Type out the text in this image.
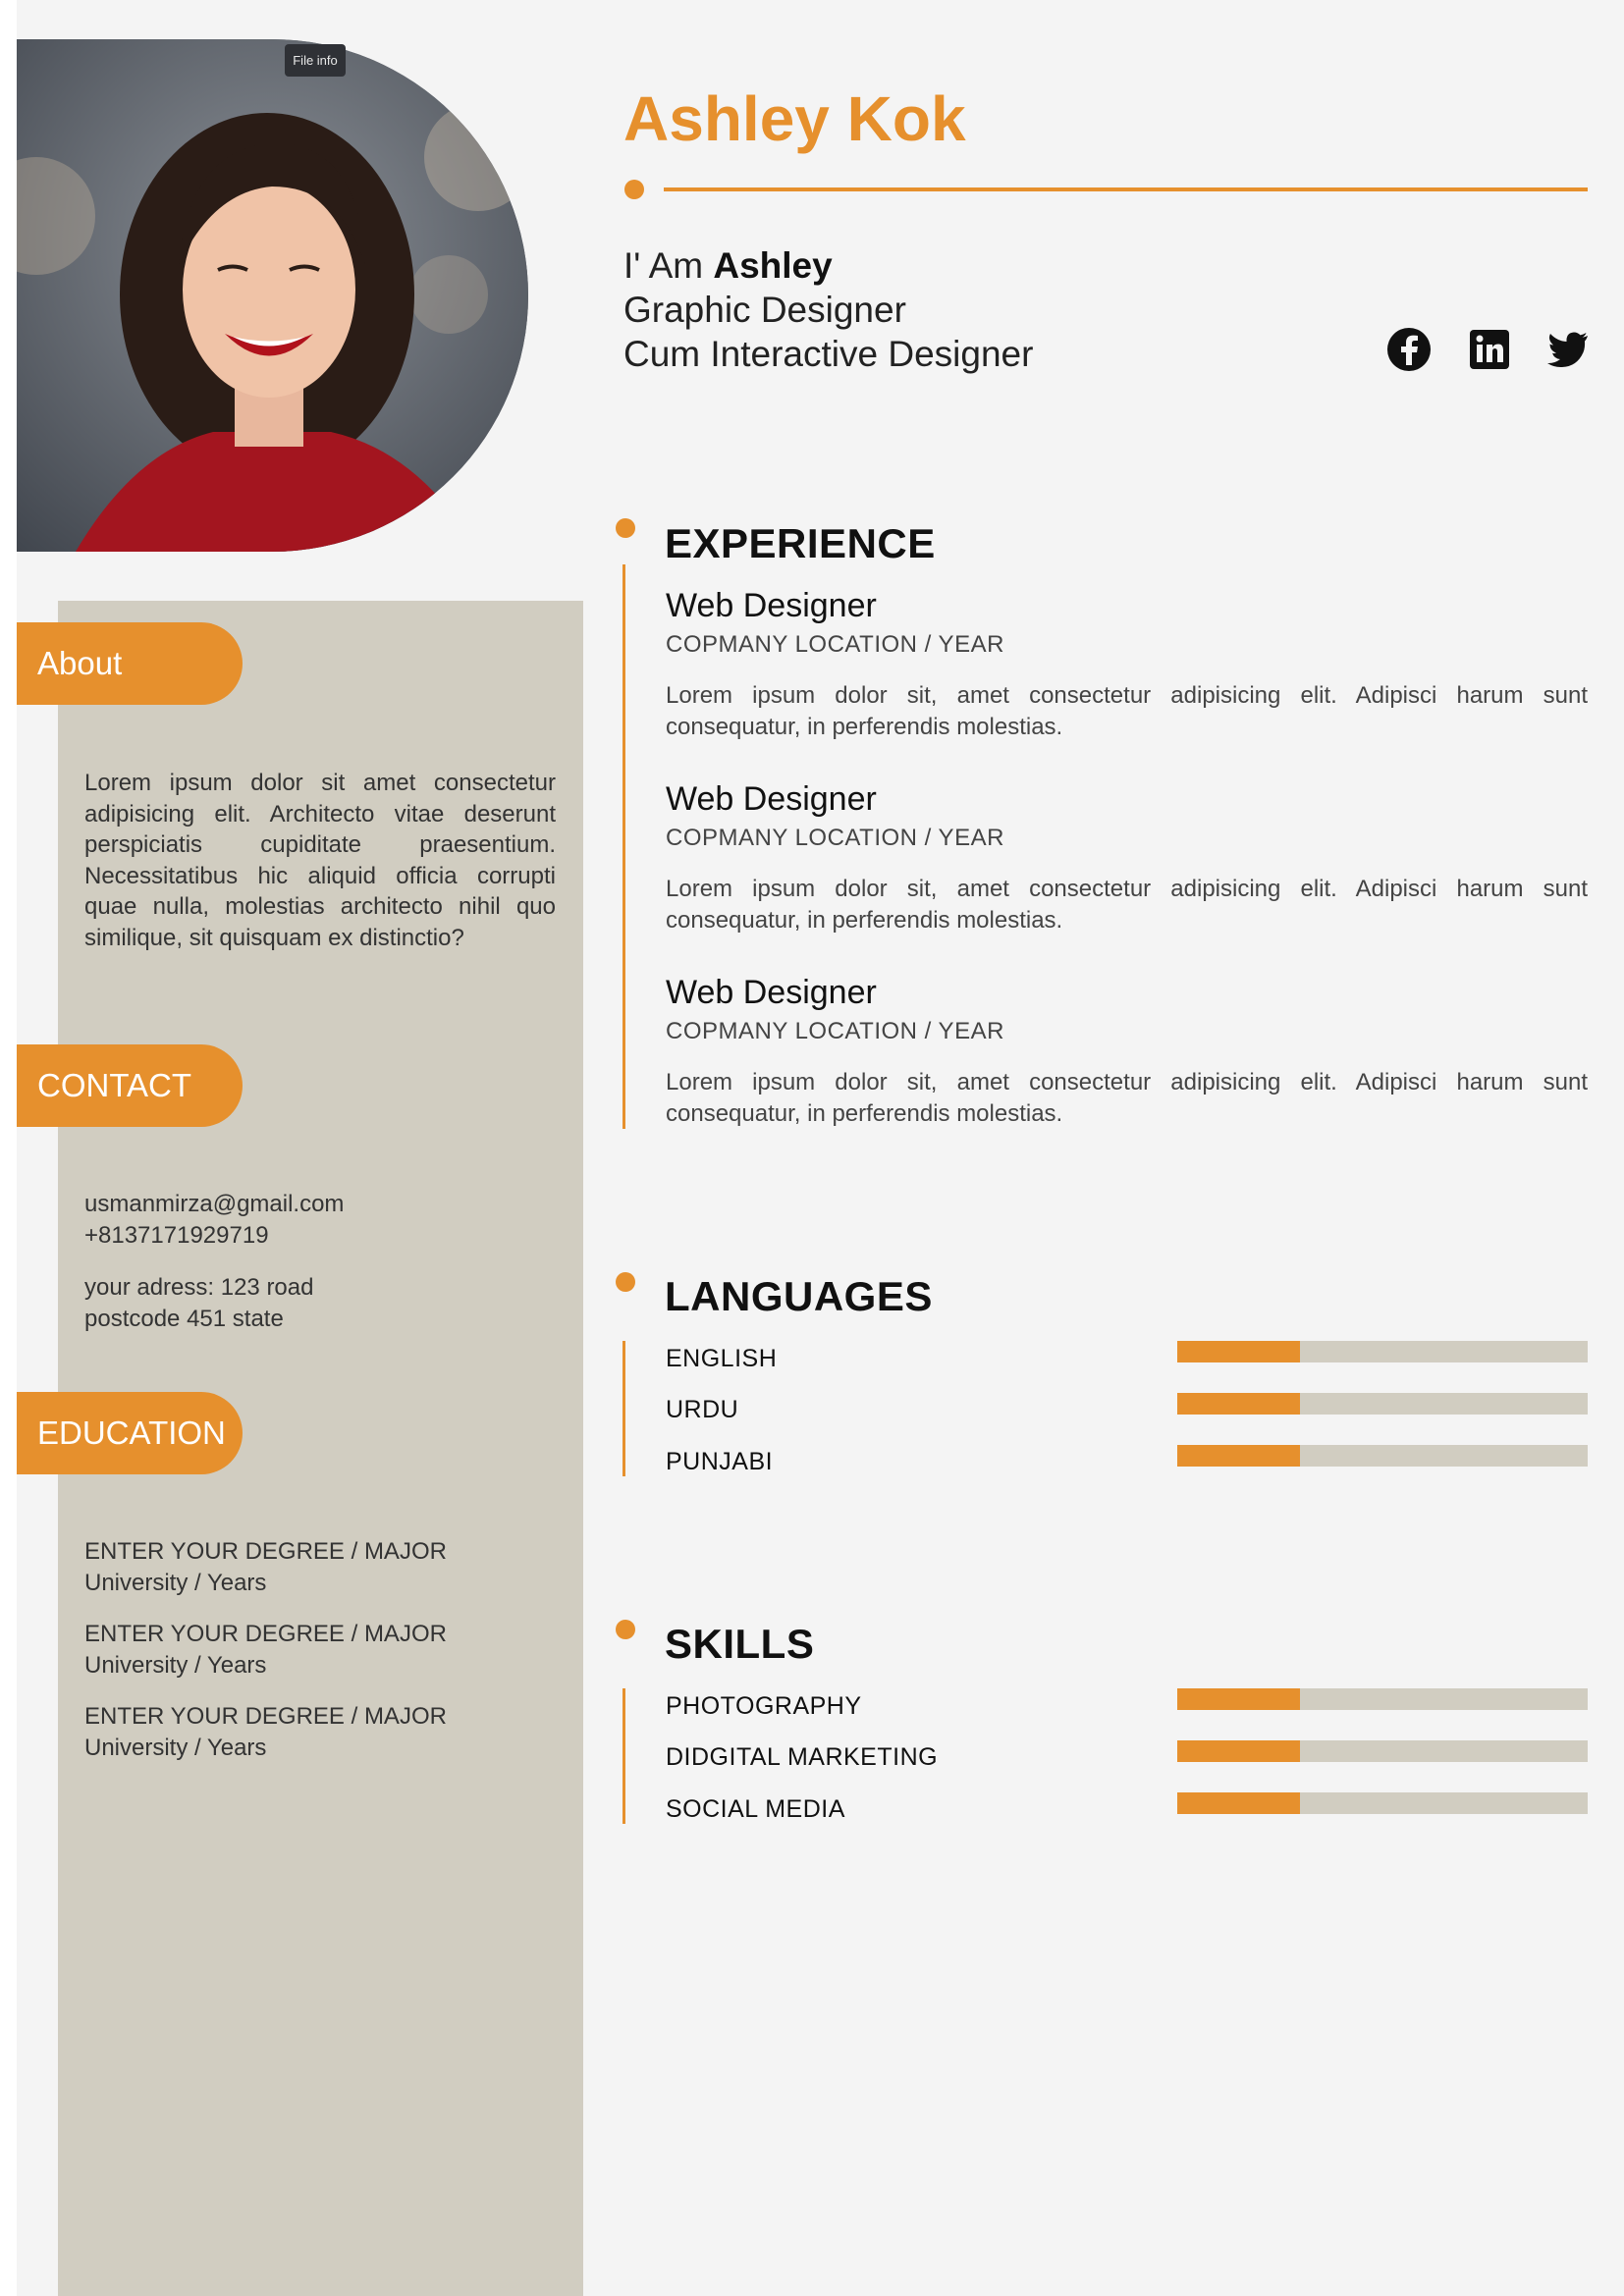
File info
About
Lorem ipsum dolor sit amet consectetur adipisicing elit. Architecto vitae deserunt perspiciatis cupiditate praesentium. Necessitatibus hic aliquid officia corrupti quae nulla, molestias architecto nihil quo similique, sit quisquam ex distinctio?
CONTACT
usmanmirza@gmail.com
+8137171929719
your adress: 123 road
postcode 451 state
EDUCATION
ENTER YOUR DEGREE / MAJOR
University / Years
ENTER YOUR DEGREE / MAJOR
University / Years
ENTER YOUR DEGREE / MAJOR
University / Years
Ashley Kok
I' Am Ashley
Graphic Designer
Cum Interactive Designer
EXPERIENCE
Web Designer
COPMANY LOCATION / YEAR
Lorem ipsum dolor sit, amet consectetur adipisicing elit. Adipisci harum sunt consequatur, in perferendis molestias.
Web Designer
COPMANY LOCATION / YEAR
Lorem ipsum dolor sit, amet consectetur adipisicing elit. Adipisci harum sunt consequatur, in perferendis molestias.
Web Designer
COPMANY LOCATION / YEAR
Lorem ipsum dolor sit, amet consectetur adipisicing elit. Adipisci harum sunt consequatur, in perferendis molestias.
LANGUAGES
ENGLISH
URDU
PUNJABI
SKILLS
PHOTOGRAPHY
DIDGITAL MARKETING
SOCIAL MEDIA
